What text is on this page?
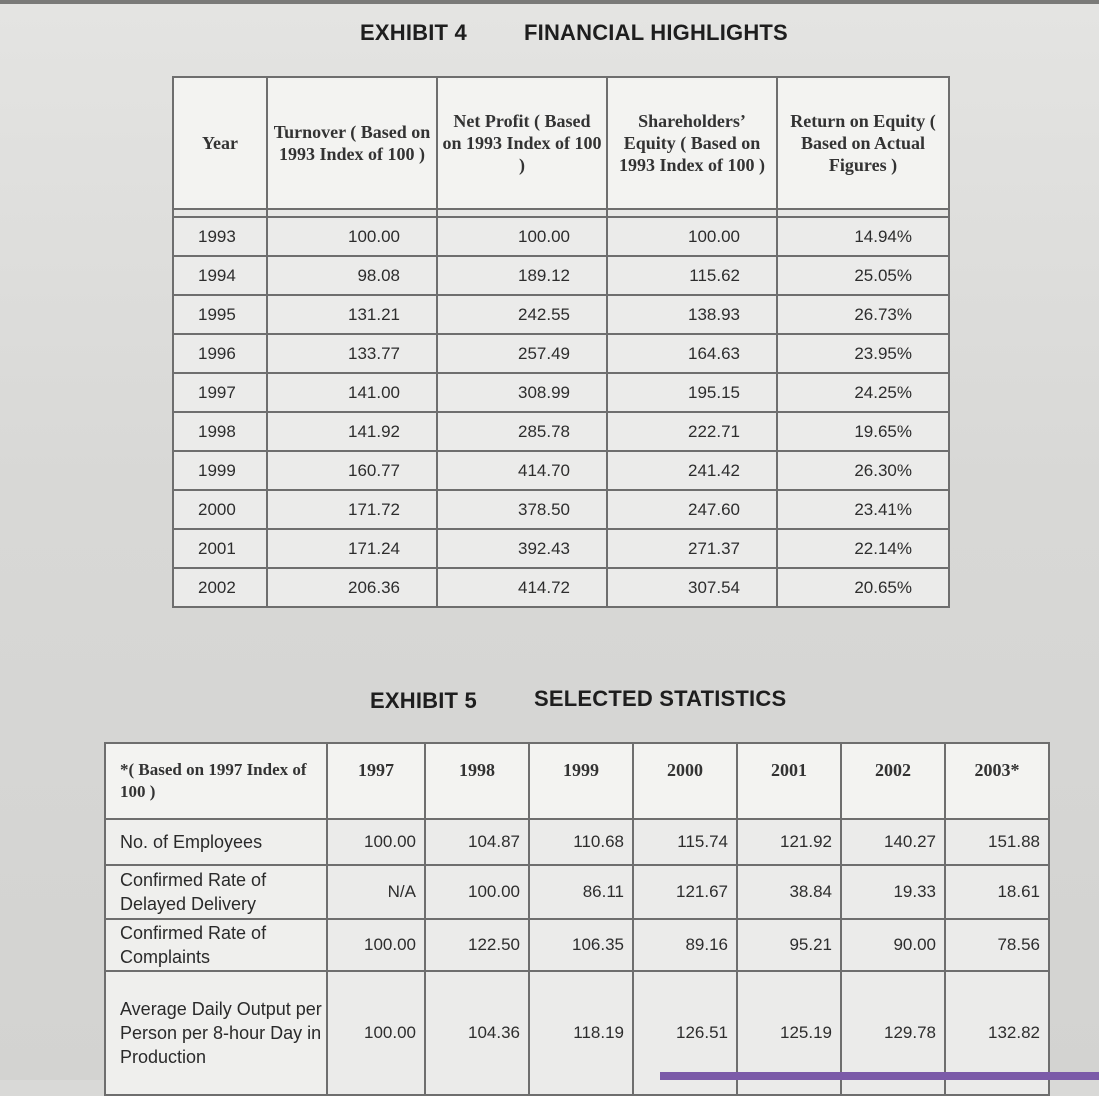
EXHIBIT 4	FINANCIAL HIGHLIGHTS
Year	Turnover ( Based on 1993 Index of 100 )	Net Profit ( Based on 1993 Index of 100 )	Shareholders’ Equity ( Based on 1993 Index of 100 )	Return on Equity ( Based on Actual Figures )

1993	100.00	100.00	100.00	14.94%
1994	98.08	189.12	115.62	25.05%
1995	131.21	242.55	138.93	26.73%
1996	133.77	257.49	164.63	23.95%
1997	141.00	308.99	195.15	24.25%
1998	141.92	285.78	222.71	19.65%
1999	160.77	414.70	241.42	26.30%
2000	171.72	378.50	247.60	23.41%
2001	171.24	392.43	271.37	22.14%
2002	206.36	414.72	307.54	20.65%
EXHIBIT 5	SELECTED STATISTICS
*( Based on 1997 Index of 100 )	1997	1998	1999	2000	2001	2002	2003*
No. of Employees	100.00	104.87	110.68	115.74	121.92	140.27	151.88
Confirmed Rate of Delayed Delivery	N/A	100.00	86.11	121.67	38.84	19.33	18.61
Confirmed Rate of Complaints	100.00	122.50	106.35	89.16	95.21	90.00	78.56
Average Daily Output per Person per 8-hour Day in Production	100.00	104.36	118.19	126.51	125.19	129.78	132.82
